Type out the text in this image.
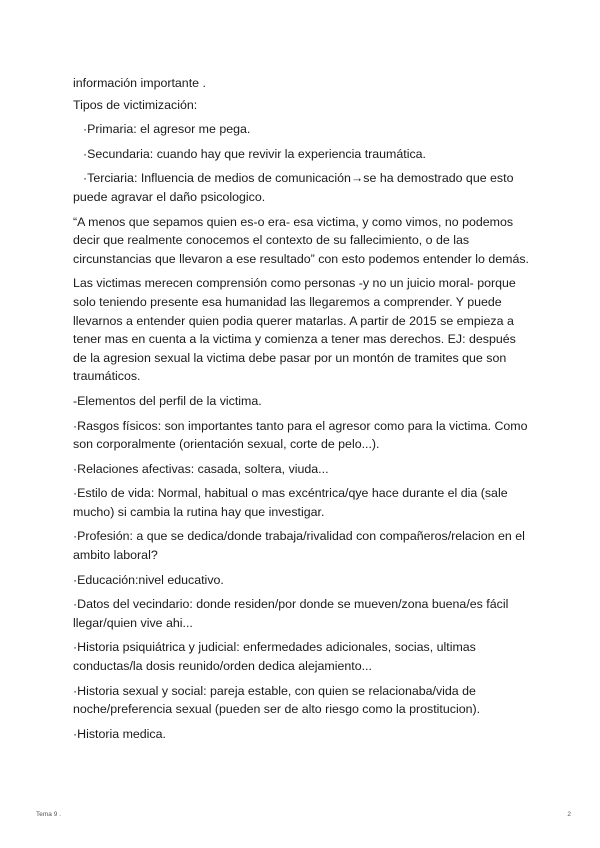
información importante .

Tipos de victimización:

·Primaria: el agresor me pega.

·Secundaria: cuando hay que revivir la experiencia traumática.

·Terciaria: Influencia de medios de comunicación→se ha demostrado que esto puede agravar el daño psicologico.

“A menos que sepamos quien es-o era- esa victima, y como vimos, no podemos decir que realmente conocemos el contexto de su fallecimiento, o de las circunstancias que llevaron a ese resultado” con esto podemos entender lo demás.

Las victimas merecen comprensión como personas -y no un juicio moral- porque solo teniendo presente esa humanidad las llegaremos a comprender. Y puede llevarnos a entender quien podia querer matarlas. A partir de 2015 se empieza a tener mas en cuenta a la victima y comienza a tener mas derechos. EJ: después de la agresion sexual la victima debe pasar por un montón de tramites que son traumáticos.

-Elementos del perfil de la victima.

·Rasgos físicos: son importantes tanto para el agresor como para la victima. Como son corporalmente (orientación sexual, corte de pelo...).

·Relaciones afectivas: casada, soltera, viuda...

·Estilo de vida: Normal, habitual o mas excéntrica/qye hace durante el dia (sale mucho) si cambia la rutina hay que investigar.

·Profesión: a que se dedica/donde trabaja/rivalidad con compañeros/relacion en el ambito laboral?

·Educación:nivel educativo.

·Datos del vecindario: donde residen/por donde se mueven/zona buena/es fácil llegar/quien vive ahi...

·Historia psiquiátrica y judicial: enfermedades adicionales, socias, ultimas conductas/la dosis reunido/orden dedica alejamiento...

·Historia sexual y social: pareja estable, con quien se relacionaba/vida de noche/preferencia sexual (pueden ser de alto riesgo como la prostitucion).

·Historia medica.

Tema 9 .	2
